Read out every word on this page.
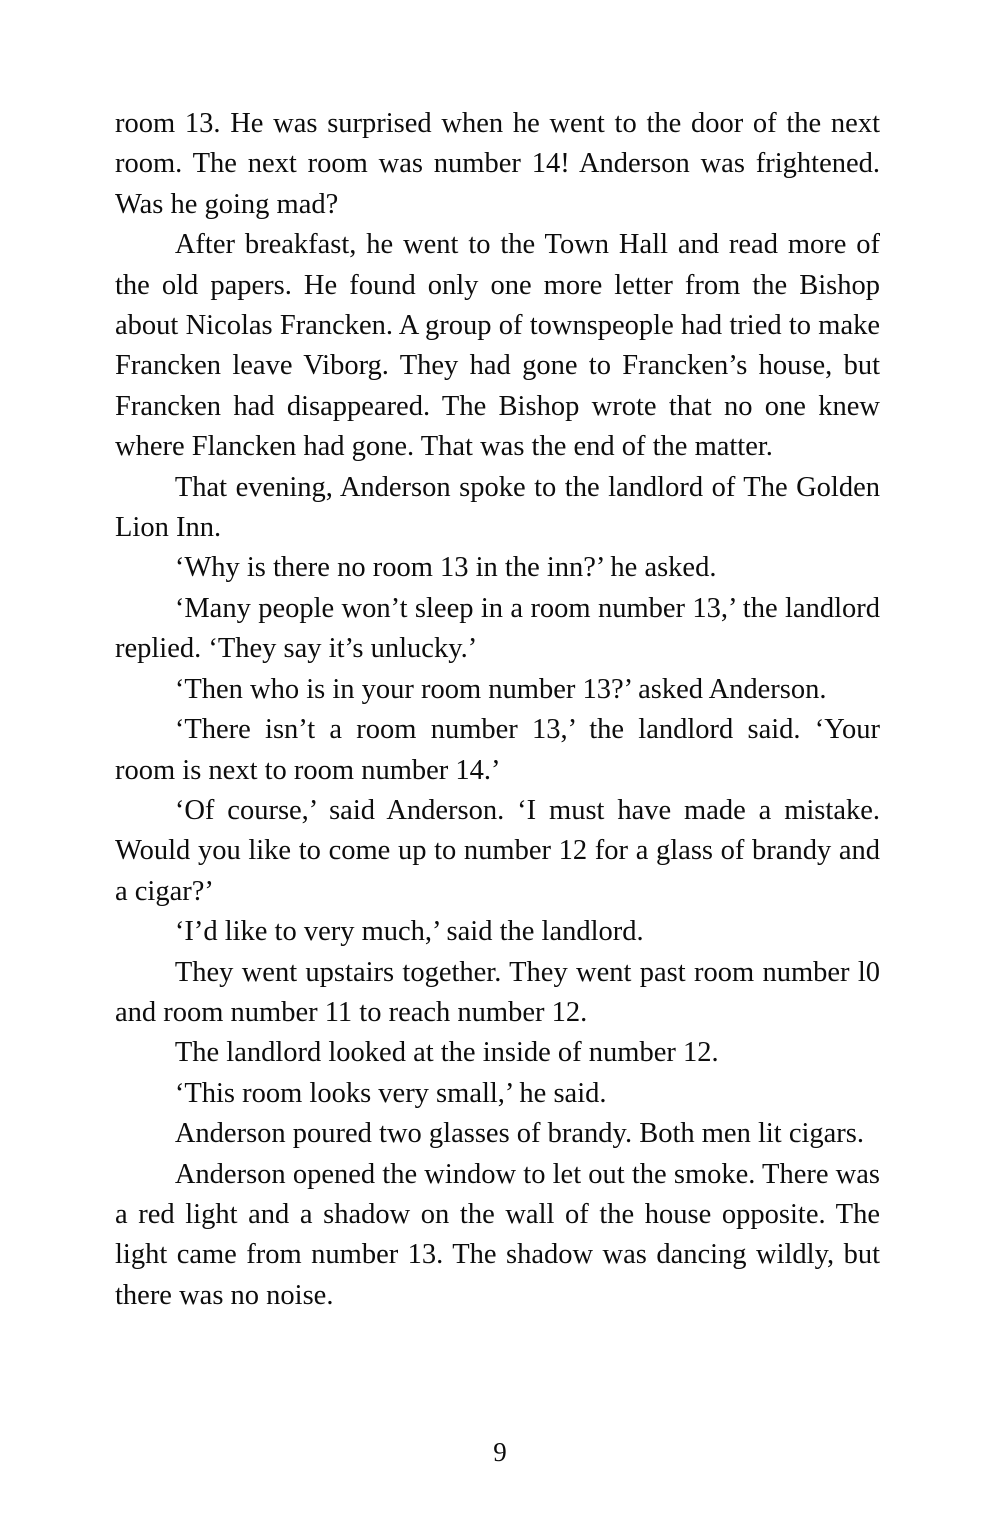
room 13. He was surprised when he went to the door of the next room. The next room was number 14! Anderson was frightened. Was he going mad?

After breakfast, he went to the Town Hall and read more of the old papers. He found only one more letter from the Bishop about Nicolas Francken. A group of townspeople had tried to make Francken leave Viborg. They had gone to Francken’s house, but Francken had disappeared. The Bishop wrote that no one knew where Flancken had gone. That was the end of the matter.

That evening, Anderson spoke to the landlord of The Golden Lion Inn.

‘Why is there no room 13 in the inn?’ he asked.

‘Many people won’t sleep in a room number 13,’ the landlord replied. ‘They say it’s unlucky.’

‘Then who is in your room number 13?’ asked Anderson.

‘There isn’t a room number 13,’ the landlord said. ‘Your room is next to room number 14.’

‘Of course,’ said Anderson. ‘I must have made a mistake. Would you like to come up to number 12 for a glass of brandy and a cigar?’

‘I’d like to very much,’ said the landlord.

They went upstairs together. They went past room number l0 and room number 11 to reach number 12.

The landlord looked at the inside of number 12.

‘This room looks very small,’ he said.

Anderson poured two glasses of brandy. Both men lit cigars.

Anderson opened the window to let out the smoke. There was a red light and a shadow on the wall of the house opposite. The light came from number 13. The shadow was dancing wildly, but there was no noise.

9
